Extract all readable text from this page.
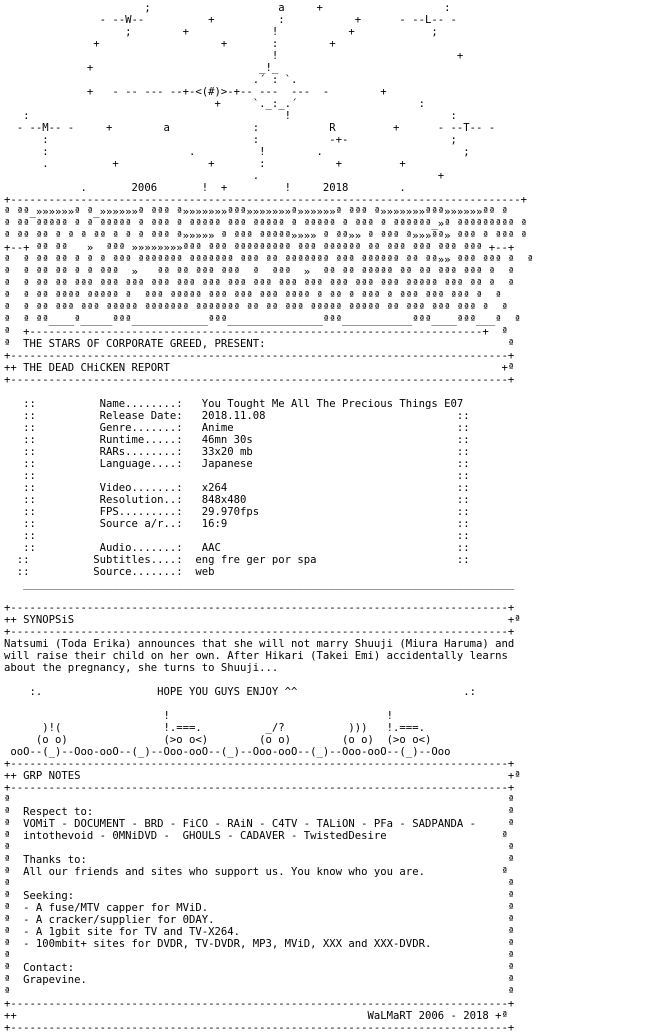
;                    a     +                   :
- --W--          +          :           +      - --L-- -
;        +             !           +            ;
+                   +       :        +
!                            +
+                          _!_
.´ : `.
+   - -- --- --+-<(#)>-+-- ---  ---  -        +
+     `._:_.´                   :
:                                        !                         :
- --M-- -     +        a             :           R         +      - --T-- -
:                                :           -+-                ;
:                      .          !        .                      ;
.          +              +       :           +         +
.                            +
.       2006       !  +         !     2018        .
+--------------------------------------------------------------------------------+
ª ªª_»»»»»»ª ª_»»»»»»ª ªªª ª»»»»»»»ªªª»»»»»»»ª»»»»»»ª ªªª ª»»»»»»»ªªª»»»»»»ªª ª
ª ªª ªªªªª ª ª ªªªªª ª ªªª ª ªªªªª ªªª ªªªªª ª ªªªªª ª ªªª ª ªªªªªª_»ª ªªªªªªªªª ª
ª ªª ªª ª ª ª ªª ª ª ª ªªª ª»»»»» ª ªªª ªªªªª»»»» ª ªª»» ª ªªª ª»»»ªª» ªªª ª ªªª ª
+--+ ªª ªª   »  ªªª »»»»»»»»ªªª ªªª ªªªªªªªªª ªªª ªªªªªª ªª ªªª ªªª ªªª ªªª +--+
ª  ª ªª ªª ª ª ª ªªª ªªªªªªª ªªªªªªª ªªª ªª ªªªªªªª ªªª ªªªªªª ªª ªª»» ªªª ªªª ª  ª
ª  ª ªª ªª ª ª ªªª  »   ªª ªª ªªª ªªª  ª  ªªª  »  ªª ªª ªªªªª ªª ªª ªªª ªªª ª  ª
ª  ª ªª ªª ªªª ªªª ªªª ªªª ªªª ªªª ªªª ªªª ªªª ªªª ªªª ªªª ªªª ªªªªª ªªª ªª ª  ª
ª  ª ªª ªªªª ªªªªª ª  ªªª ªªªªª ªªª ªªª ªªª ªªªª ª ªª ª ªªª ª ªªª ªªª ªªª ª  ª
ª  ª ªª ªªª ªªª ªªªªª ªªªªªªª ªªªªªªª ªª ªª ªªª ªªªªª ªªªªª ªª ªªª ªªª ªªª ª  ª
ª  ª ªª____ª_____ªªª____________ªªª_______________ªªª___________ªªª____ªªª___ª  ª
ª  +-----------------------------------------------------------------------+  ª
ª  THE STARS OF CORPORATE GREED, PRESENT:                                      ª
+------------------------------------------------------------------------------+
++ THE DEAD CHiCKEN REPORT                                                    +ª
+------------------------------------------------------------------------------+

::          Name........:   You Tought Me All The Precious Things E07
::          Release Date:   2018.11.08                              ::
::          Genre.......:   Anime                                   ::
::          Runtime.....:   46mn 30s                                ::
::          RARs........:   33x20 mb                                ::
::          Language....:   Japanese                                ::
::                                                                  ::
::          Video.......:   x264                                    ::
::          Resolution..:   848x480                                 ::
::          FPS.........:   29.970fps                               ::
::          Source a/r..:   16:9                                    ::
::                                                                  ::
::          Audio.......:   AAC                                     ::
::          Subtitles....:  eng fre ger por spa                      ::
::          Source.......:  web
_____________________________________________________________________________

+------------------------------------------------------------------------------+
++ SYNOPSiS                                                                    +ª
+------------------------------------------------------------------------------+
Natsumi (Toda Erika) announces that she will not marry Shuuji (Miura Haruma) and
will raise their child on her own. After Hikari (Takei Emi) accidentally learns
about the pregnancy, she turns to Shuuji...

:.                  HOPE YOU GUYS ENJOY ^^                          .:

!                                  !
)!(                !.===.          _/?          )))   !.===.
(o o)               (>o o<)        (o o)        (o o)  (>o o<)
ooO--(_)--Ooo-ooO--(_)--Ooo-ooO--(_)--Ooo-ooO--(_)--Ooo-ooO--(_)--Ooo
+------------------------------------------------------------------------------+
++ GRP NOTES                                                                   +ª
+------------------------------------------------------------------------------+
ª                                                                              ª
ª  Respect to:                                                                 ª
ª  VOMiT - DOCUMENT - BRD - FiCO - RAiN - C4TV - TALiON - PFa - SADPANDA -     ª
ª  intothevoid - 0MNiDVD -  GHOULS - CADAVER - TwistedDesire                  ª
ª                                                                              ª
ª  Thanks to:                                                                  ª
ª  All our friends and sites who support us. You know who you are.            ª
ª                                                                              ª
ª  Seeking:                                                                    ª
ª  - A fuse/MTV capper for MViD.                                               ª
ª  - A cracker/supplier for 0DAY.                                              ª
ª  - A 1gbit site for TV and TV-X264.                                          ª
ª  - 100mbit+ sites for DVDR, TV-DVDR, MP3, MViD, XXX and XXX-DVDR.            ª
ª                                                                              ª
ª  Contact:                                                                    ª
ª  Grapevine.                                                                  ª
ª                                                                              ª
+------------------------------------------------------------------------------+
++                                                       WaLMaRT 2006 - 2018 +ª
+------------------------------------------------------------------------------+
